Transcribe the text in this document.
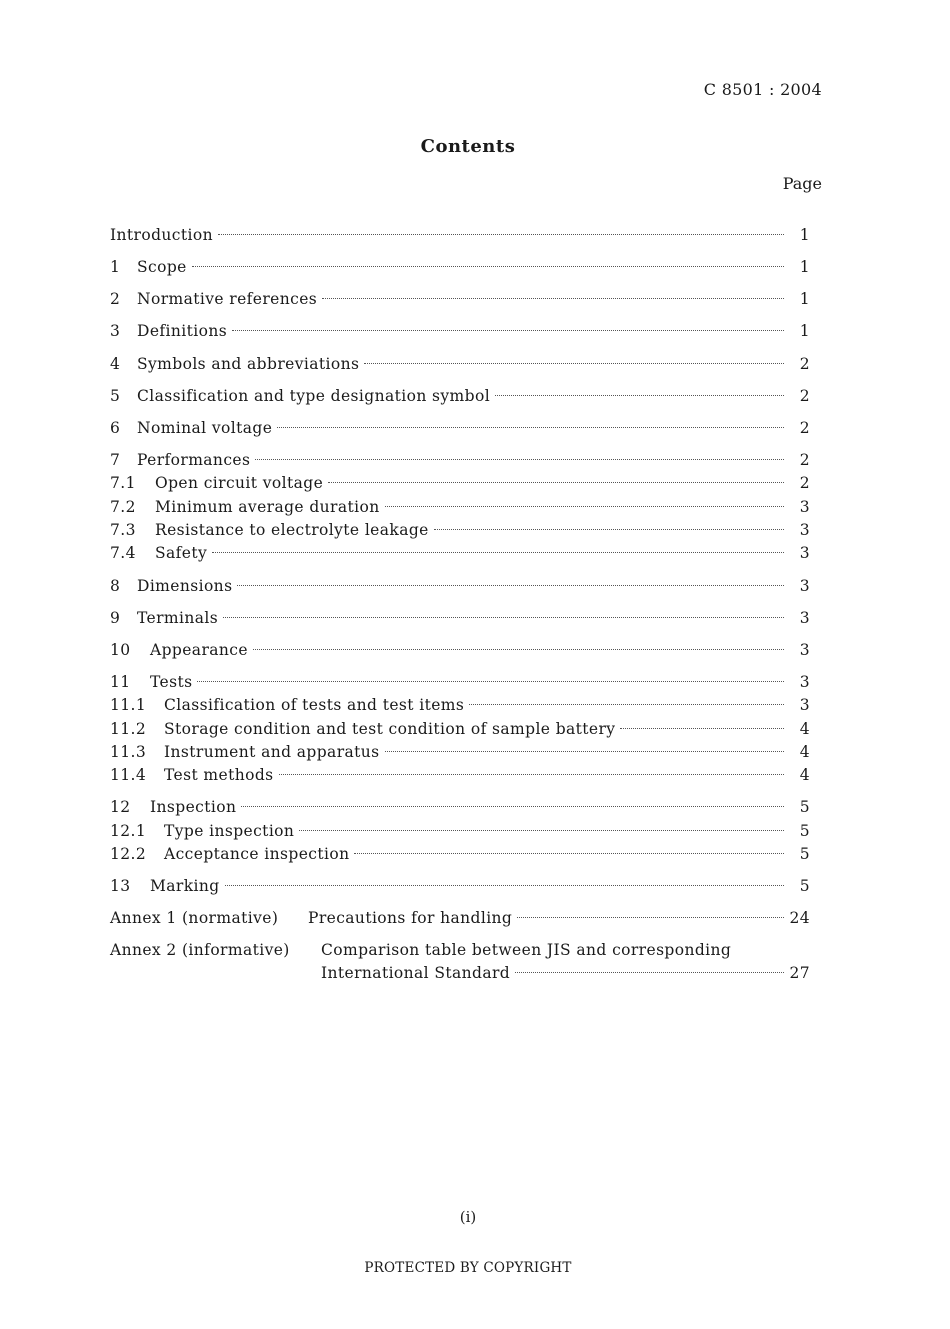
C 8501 : 2004
Contents
Page
Introduction	1
1 Scope	1
2 Normative references	1
3 Definitions	1
4 Symbols and abbreviations	2
5 Classification and type designation symbol	2
6 Nominal voltage	2
7 Performances	2
7.1 Open circuit voltage	2
7.2 Minimum average duration	3
7.3 Resistance to electrolyte leakage	3
7.4 Safety	3
8 Dimensions	3
9 Terminals	3
10 Appearance	3
11 Tests	3
11.1 Classification of tests and test items	3
11.2 Storage condition and test condition of sample battery	4
11.3 Instrument and apparatus	4
11.4 Test methods	4
12 Inspection	5
12.1 Type inspection	5
12.2 Acceptance inspection	5
13 Marking	5
Annex 1 (normative) Precautions for handling	24
Annex 2 (informative) Comparison table between JIS and corresponding
International Standard	27
(i)
PROTECTED BY COPYRIGHT
